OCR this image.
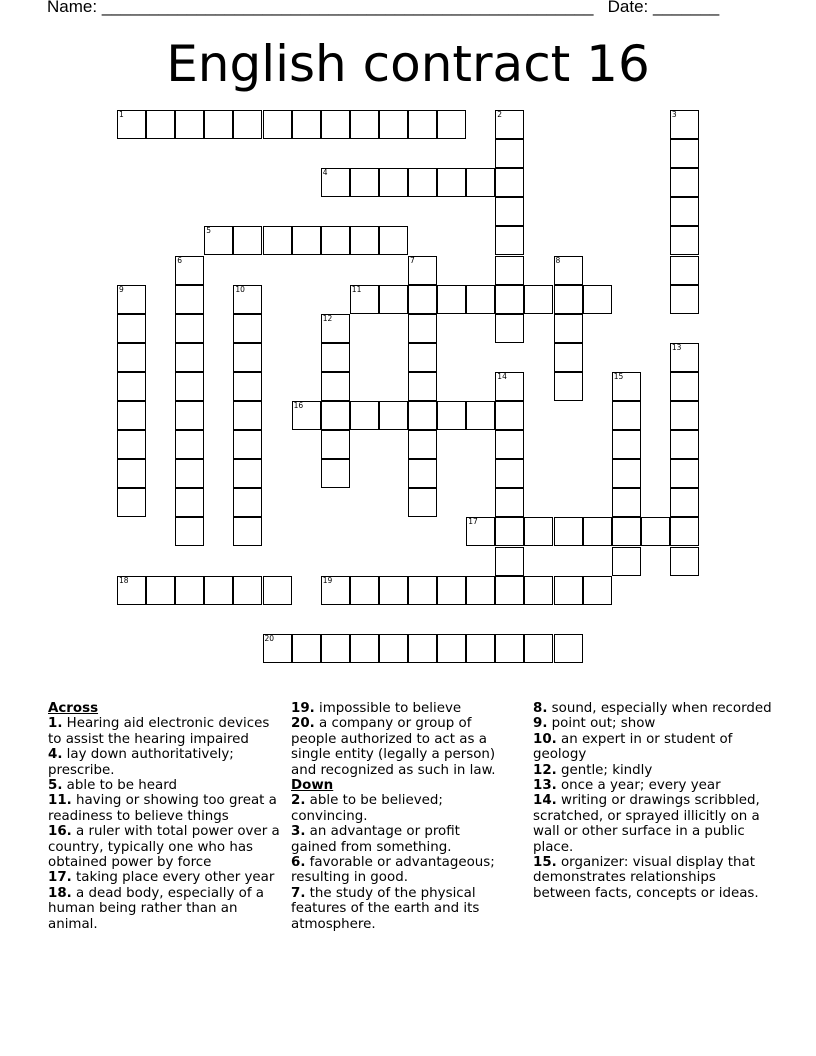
Name: ____________________________________________________ Date: _______
English contract 16
1	2	3
4
5
6	7	8
9	10	11
12
13
14	15
16
17
18	19
20
Across
1. Hearing aid electronic devices to assist the hearing impaired
4. lay down authoritatively; prescribe.
5. able to be heard
11. having or showing too great a readiness to believe things
16. a ruler with total power over a country, typically one who has obtained power by force
17. taking place every other year
18. a dead body, especially of a human being rather than an animal.
19. impossible to believe
20. a company or group of people authorized to act as a single entity (legally a person) and recognized as such in law.
Down
2. able to be believed; convincing.
3. an advantage or profit gained from something.
6. favorable or advantageous; resulting in good.
7. the study of the physical features of the earth and its atmosphere.
8. sound, especially when recorded
9. point out; show
10. an expert in or student of geology
12. gentle; kindly
13. once a year; every year
14. writing or drawings scribbled, scratched, or sprayed illicitly on a wall or other surface in a public place.
15. organizer: visual display that demonstrates relationships between facts, concepts or ideas.
